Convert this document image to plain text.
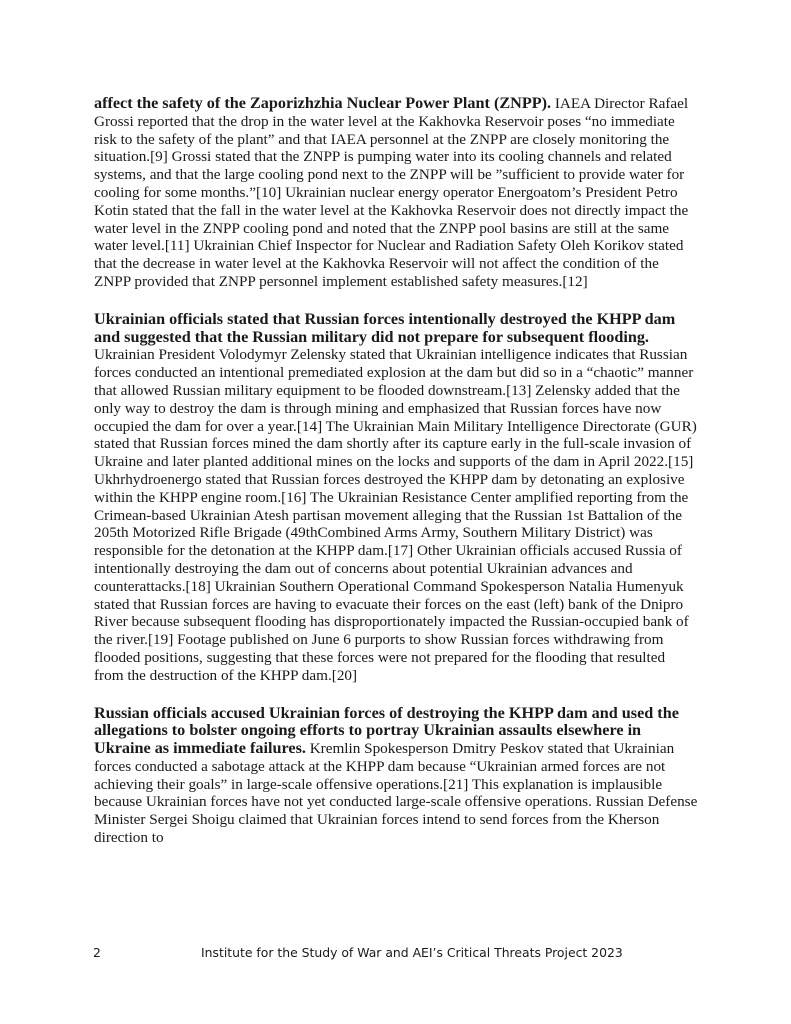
affect the safety of the Zaporizhzhia Nuclear Power Plant (ZNPP). IAEA Director Rafael Grossi reported that the drop in the water level at the Kakhovka Reservoir poses “no immediate risk to the safety of the plant” and that IAEA personnel at the ZNPP are closely monitoring the situation.[9] Grossi stated that the ZNPP is pumping water into its cooling channels and related systems, and that the large cooling pond next to the ZNPP will be ”sufficient to provide water for cooling for some months.”[10] Ukrainian nuclear energy operator Energoatom’s President Petro Kotin stated that the fall in the water level at the Kakhovka Reservoir does not directly impact the water level in the ZNPP cooling pond and noted that the ZNPP pool basins are still at the same water level.[11] Ukrainian Chief Inspector for Nuclear and Radiation Safety Oleh Korikov stated that the decrease in water level at the Kakhovka Reservoir will not affect the condition of the ZNPP provided that ZNPP personnel implement established safety measures.[12]

Ukrainian officials stated that Russian forces intentionally destroyed the KHPP dam and suggested that the Russian military did not prepare for subsequent flooding. Ukrainian President Volodymyr Zelensky stated that Ukrainian intelligence indicates that Russian forces conducted an intentional premediated explosion at the dam but did so in a “chaotic” manner that allowed Russian military equipment to be flooded downstream.[13] Zelensky added that the only way to destroy the dam is through mining and emphasized that Russian forces have now occupied the dam for over a year.[14] The Ukrainian Main Military Intelligence Directorate (GUR) stated that Russian forces mined the dam shortly after its capture early in the full-scale invasion of Ukraine and later planted additional mines on the locks and supports of the dam in April 2022.[15] Ukhrhydroenergo stated that Russian forces destroyed the KHPP dam by detonating an explosive within the KHPP engine room.[16] The Ukrainian Resistance Center amplified reporting from the Crimean-based Ukrainian Atesh partisan movement alleging that the Russian 1st Battalion of the 205th Motorized Rifle Brigade (49thCombined Arms Army, Southern Military District) was responsible for the detonation at the KHPP dam.[17] Other Ukrainian officials accused Russia of intentionally destroying the dam out of concerns about potential Ukrainian advances and counterattacks.[18] Ukrainian Southern Operational Command Spokesperson Natalia Humenyuk stated that Russian forces are having to evacuate their forces on the east (left) bank of the Dnipro River because subsequent flooding has disproportionately impacted the Russian-occupied bank of the river.[19] Footage published on June 6 purports to show Russian forces withdrawing from flooded positions, suggesting that these forces were not prepared for the flooding that resulted from the destruction of the KHPP dam.[20]

Russian officials accused Ukrainian forces of destroying the KHPP dam and used the allegations to bolster ongoing efforts to portray Ukrainian assaults elsewhere in Ukraine as immediate failures. Kremlin Spokesperson Dmitry Peskov stated that Ukrainian forces conducted a sabotage attack at the KHPP dam because “Ukrainian armed forces are not achieving their goals” in large-scale offensive operations.[21] This explanation is implausible because Ukrainian forces have not yet conducted large-scale offensive operations. Russian Defense Minister Sergei Shoigu claimed that Ukrainian forces intend to send forces from the Kherson direction to

2	Institute for the Study of War and AEI’s Critical Threats Project 2023
